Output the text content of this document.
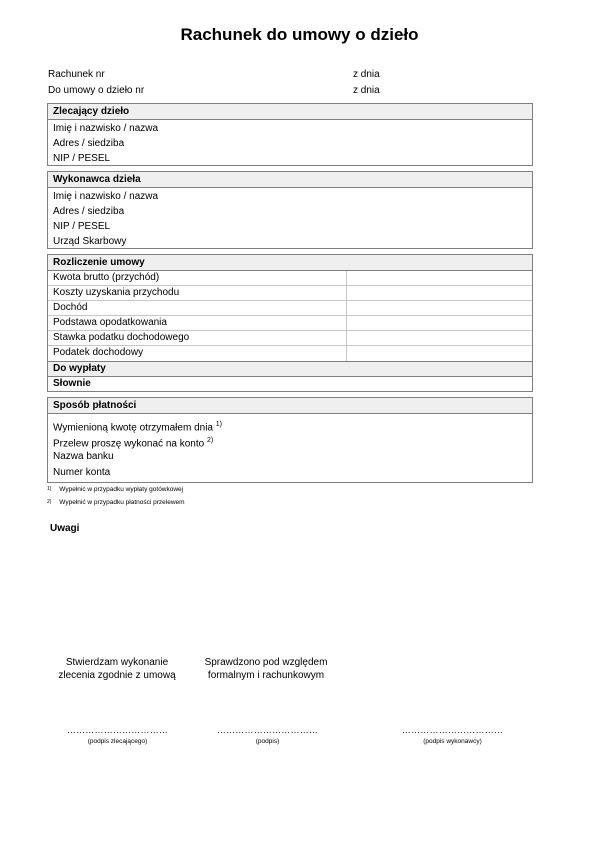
Rachunek do umowy o dzieło
Rachunek nr	z dnia
Do umowy o dzieło nr	z dnia
Zlecający dzieło
Imię i nazwisko / nazwa
Adres / siedziba
NIP / PESEL
Wykonawca dzieła
Imię i nazwisko / nazwa
Adres / siedziba
NIP / PESEL
Urząd Skarbowy
Rozliczenie umowy
Kwota brutto (przychód)
Koszty uzyskania przychodu
Dochód
Podstawa opodatkowania
Stawka podatku dochodowego
Podatek dochodowy
Do wypłaty
Słownie
Sposób płatności
Wymienioną kwotę otrzymałem dnia $^{1)}$
Przelew proszę wykonać na konto $^{2)}$
Nazwa banku
Numer konta
$^{1)}$ Wypełnić w przypadku wypłaty gotówkowej
$^{2)}$ Wypełnić w przypadku płatności przelewem
Uwagi
Stwierdzam wykonanie
zlecenia zgodnie z umową
Sprawdzono pod względem
formalnym i rachunkowym
……………………………	……………………………	……………………………
(podpis zlecającego)	(podpis)	(podpis wykonawcy)
